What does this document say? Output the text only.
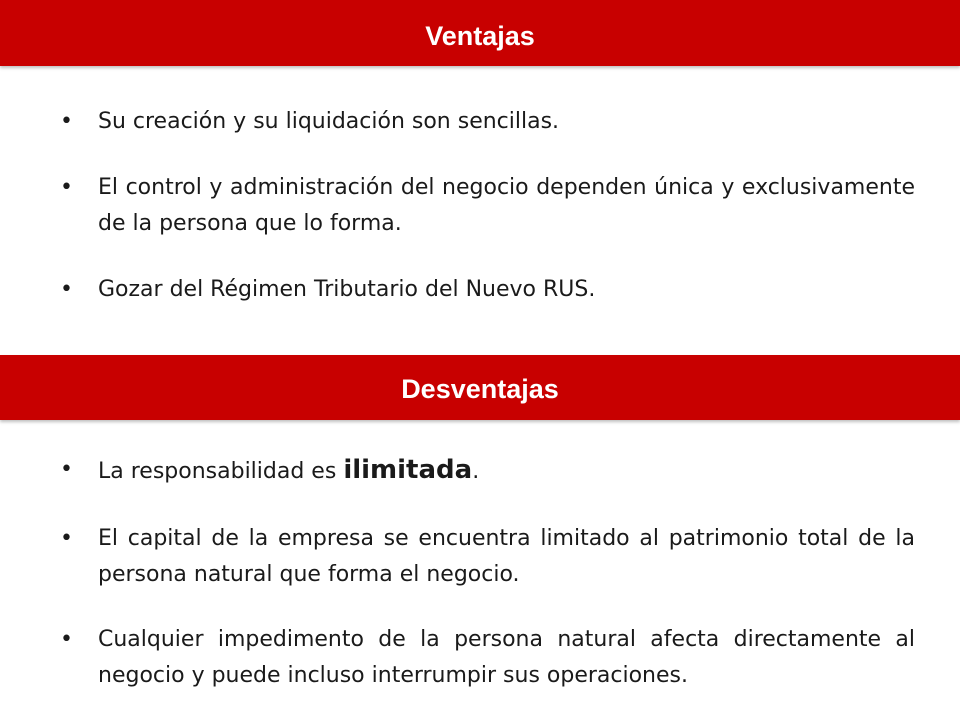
Ventajas
• Su creación y su liquidación son sencillas.
• El control y administración del negocio dependen única y exclusivamente de la persona que lo forma.
• Gozar del Régimen Tributario del Nuevo RUS.
Desventajas
• La responsabilidad es ilimitada.
• El capital de la empresa se encuentra limitado al patrimonio total de la persona natural que forma el negocio.
• Cualquier impedimento de la persona natural afecta directamente al negocio y puede incluso interrumpir sus operaciones.
